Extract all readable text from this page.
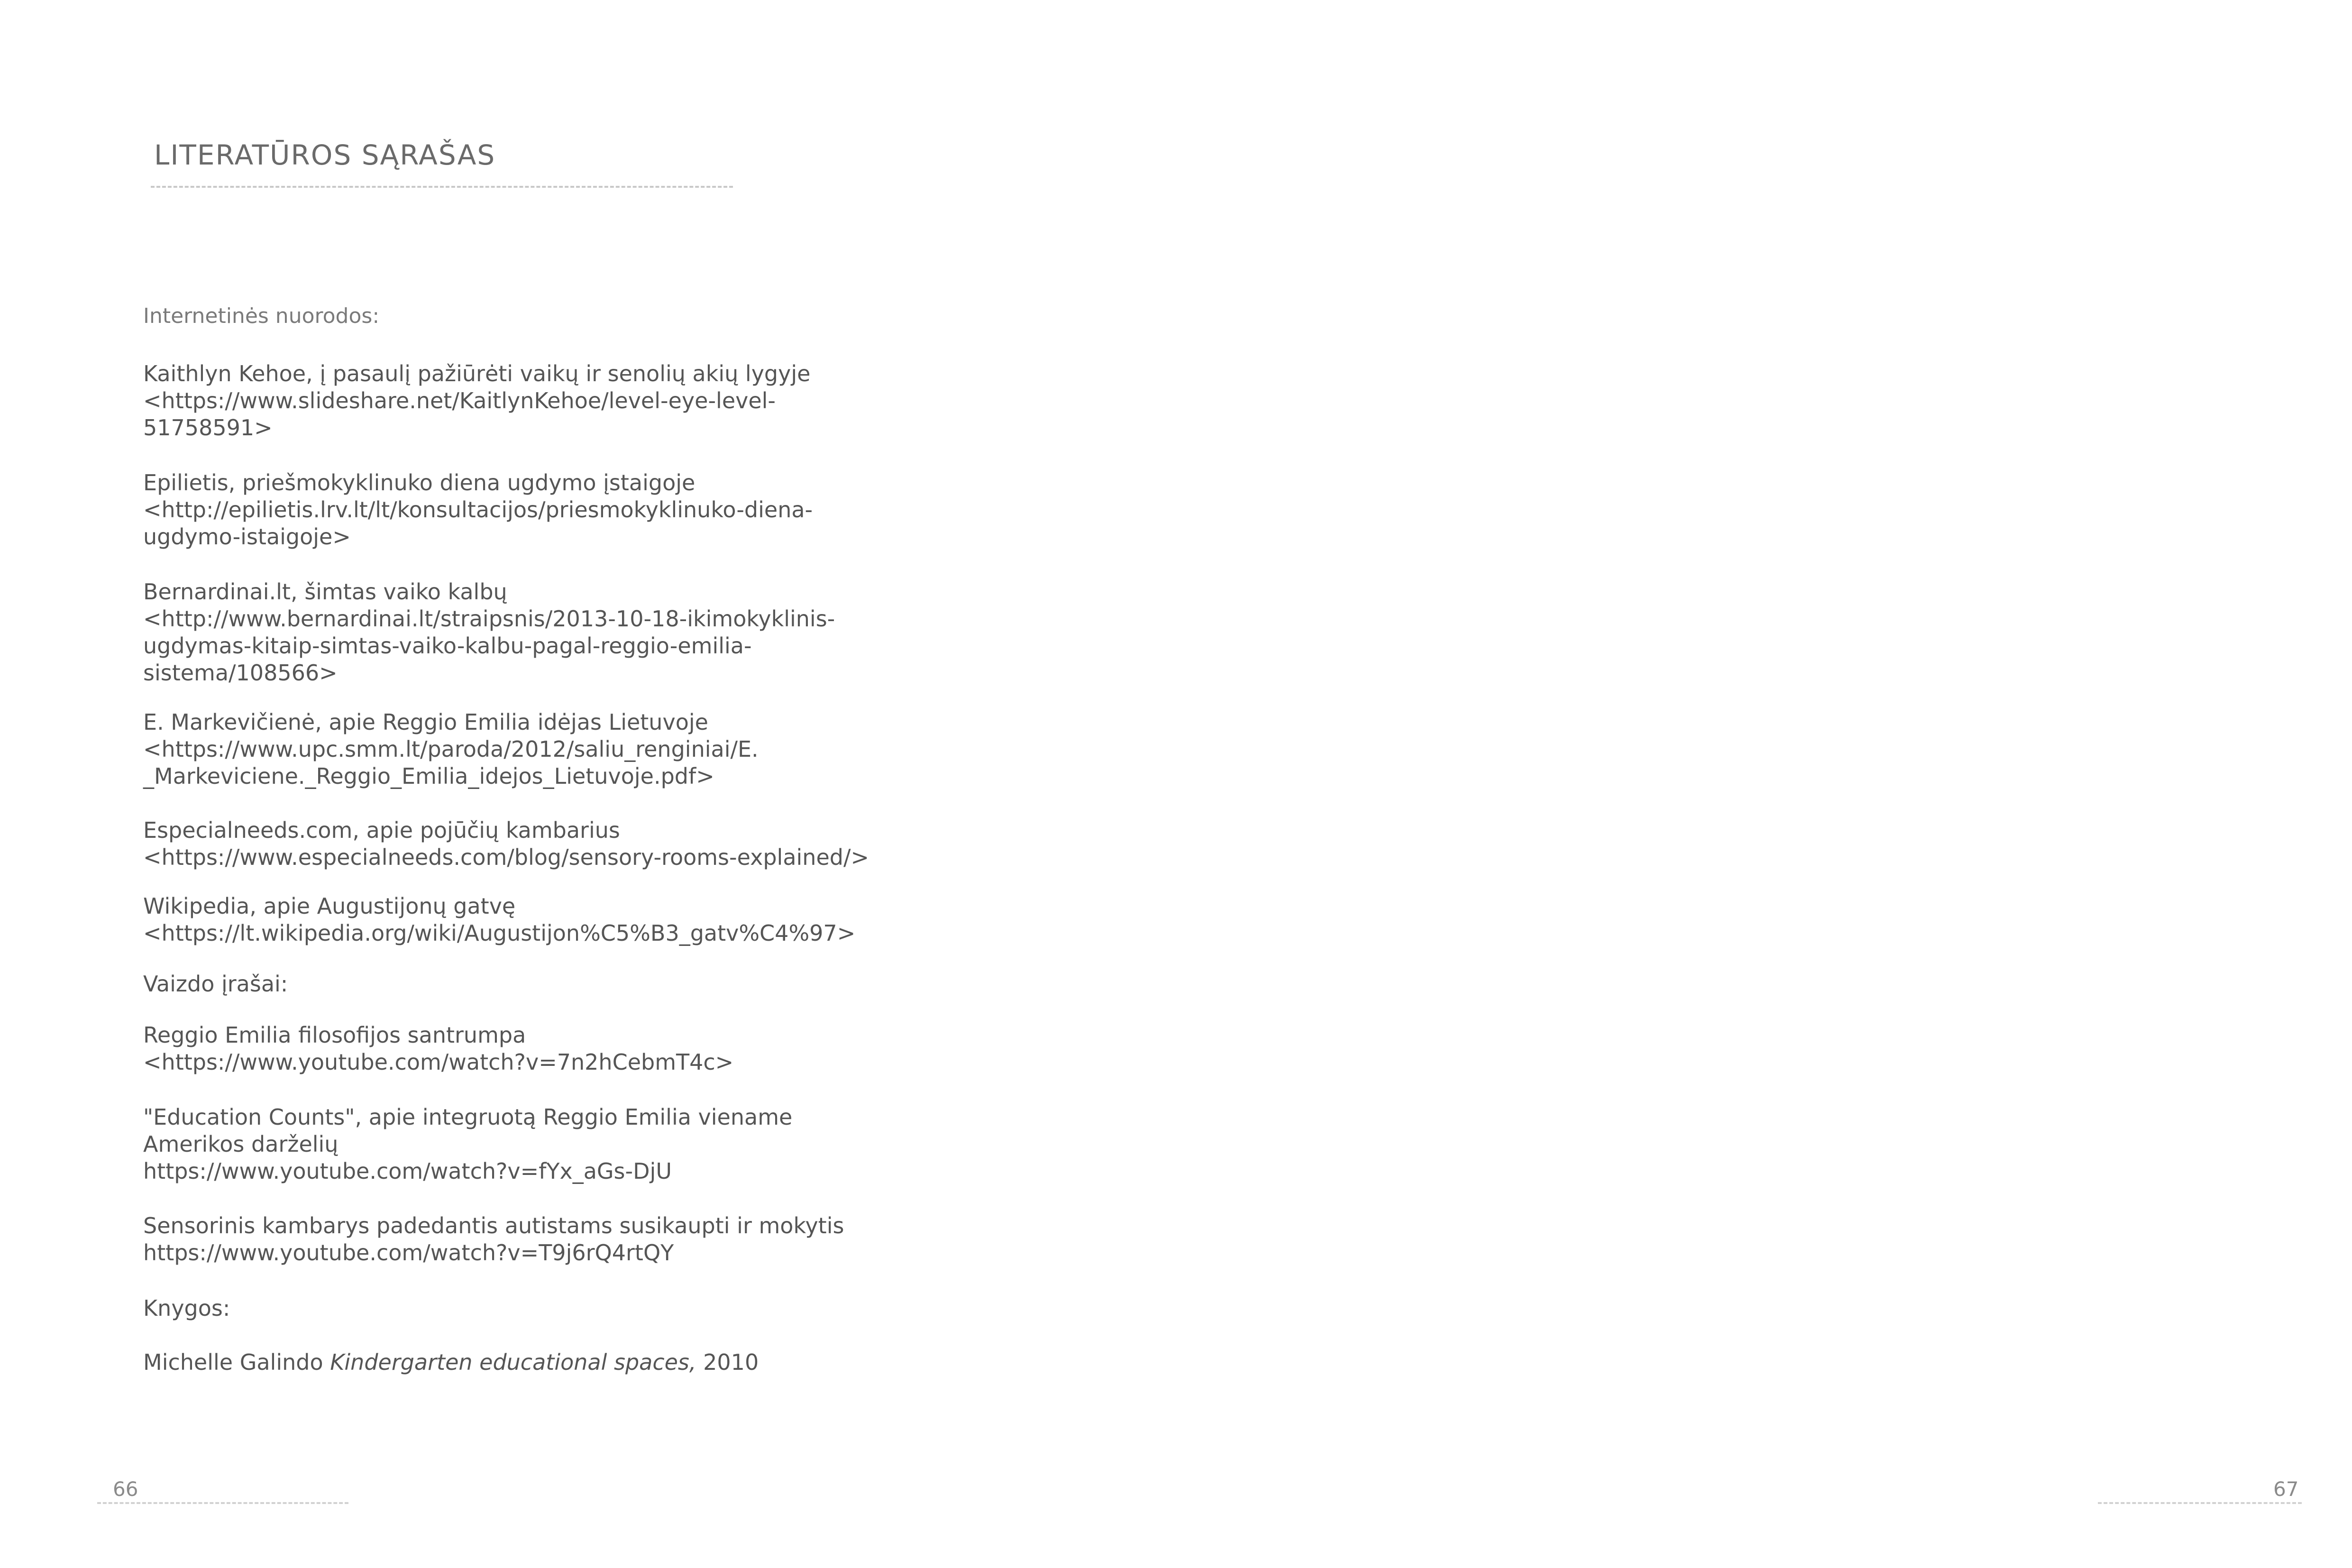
LITERATŪROS SĄRAŠAS

Internetinės nuorodos:

Kaithlyn Kehoe, į pasaulį pažiūrėti vaikų ir senolių akių lygyje

<https://www.slideshare.net/KaitlynKehoe/level-eye-level-
51758591>

Epilietis, priešmokyklinuko diena ugdymo įstaigoje

<http://epilietis.lrv.lt/lt/konsultacijos/priesmokyklinuko-diena-
ugdymo-istaigoje>

Bernardinai.lt, šimtas vaiko kalbų

<http://www.bernardinai.lt/straipsnis/2013-10-18-ikimokyklinis-
ugdymas-kitaip-simtas-vaiko-kalbu-pagal-reggio-emilia-
sistema/108566>

E. Markevičienė, apie Reggio Emilia idėjas Lietuvoje

<https://www.upc.smm.lt/paroda/2012/saliu_renginiai/E.
_Markeviciene._Reggio_Emilia_idejos_Lietuvoje.pdf>

Especialneeds.com, apie pojūčių kambarius

<https://www.especialneeds.com/blog/sensory-rooms-explained/>

Wikipedia, apie Augustijonų gatvę

<https://lt.wikipedia.org/wiki/Augustijon%C5%B3_gatv%C4%97>

Vaizdo įrašai:

Reggio Emilia filosofijos santrumpa

<https://www.youtube.com/watch?v=7n2hCebmT4c>

"Education Counts", apie integruotą Reggio Emilia viename
Amerikos darželių

https://www.youtube.com/watch?v=fYx_aGs-DjU

Sensorinis kambarys padedantis autistams susikaupti ir mokytis

https://www.youtube.com/watch?v=T9j6rQ4rtQY

Knygos:

Michelle Galindo Kindergarten educational spaces, 2010

66	67
